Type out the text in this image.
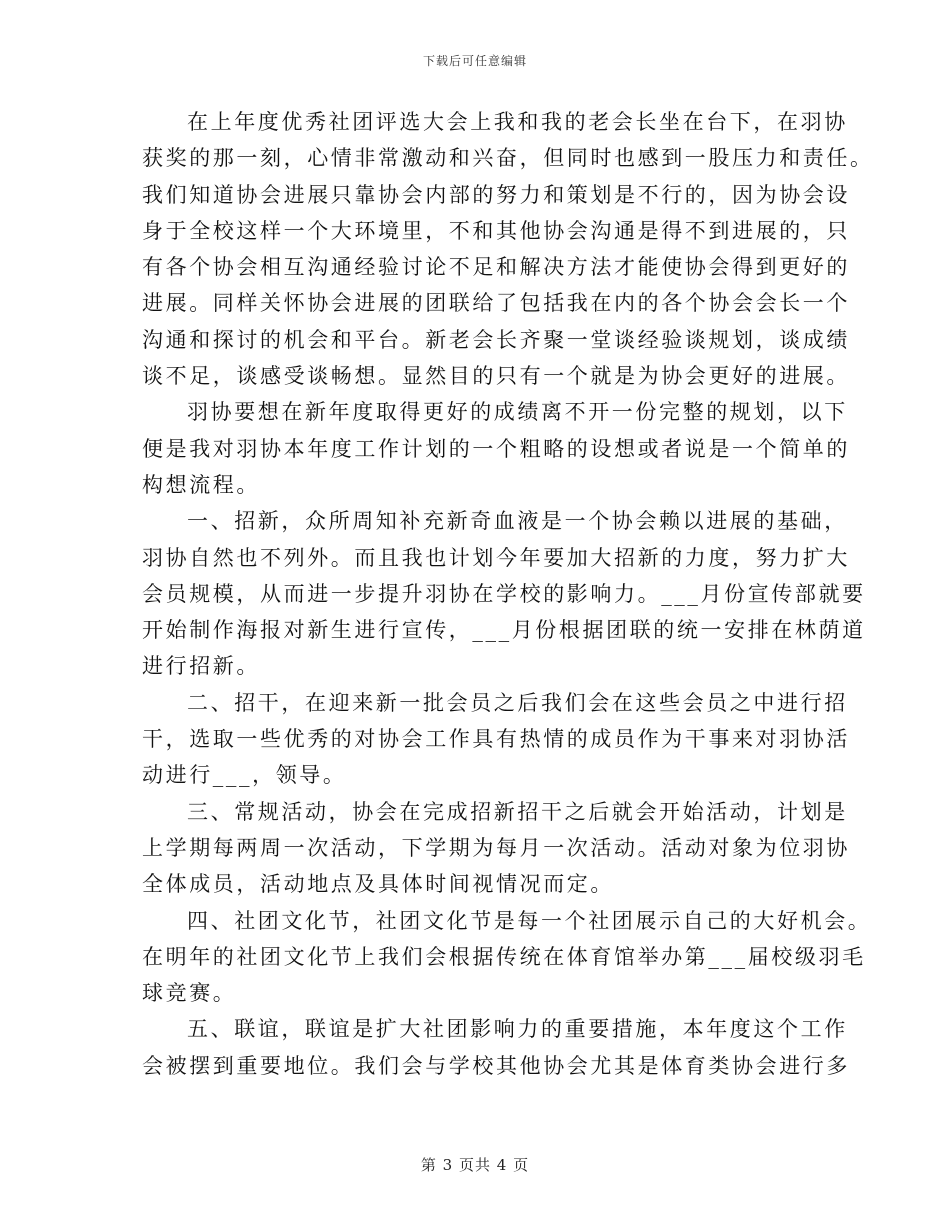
下载后可任意编辑
在上年度优秀社团评选大会上我和我的老会长坐在台下，在羽协
获奖的那一刻，心情非常激动和兴奋，但同时也感到一股压力和责任。
我们知道协会进展只靠协会内部的努力和策划是不行的，因为协会设
身于全校这样一个大环境里，不和其他协会沟通是得不到进展的，只
有各个协会相互沟通经验讨论不足和解决方法才能使协会得到更好的
进展。同样关怀协会进展的团联给了包括我在内的各个协会会长一个
沟通和探讨的机会和平台。新老会长齐聚一堂谈经验谈规划，谈成绩
谈不足，谈感受谈畅想。显然目的只有一个就是为协会更好的进展。
羽协要想在新年度取得更好的成绩离不开一份完整的规划，以下
便是我对羽协本年度工作计划的一个粗略的设想或者说是一个简单的
构想流程。
一、招新，众所周知补充新奇血液是一个协会赖以进展的基础，
羽协自然也不列外。而且我也计划今年要加大招新的力度，努力扩大
会员规模，从而进一步提升羽协在学校的影响力。___月份宣传部就要
开始制作海报对新生进行宣传，___月份根据团联的统一安排在林荫道
进行招新。
二、招干，在迎来新一批会员之后我们会在这些会员之中进行招
干，选取一些优秀的对协会工作具有热情的成员作为干事来对羽协活
动进行___，领导。
三、常规活动，协会在完成招新招干之后就会开始活动，计划是
上学期每两周一次活动，下学期为每月一次活动。活动对象为位羽协
全体成员，活动地点及具体时间视情况而定。
四、社团文化节，社团文化节是每一个社团展示自己的大好机会。
在明年的社团文化节上我们会根据传统在体育馆举办第___届校级羽毛
球竞赛。
五、联谊，联谊是扩大社团影响力的重要措施，本年度这个工作
会被摆到重要地位。我们会与学校其他协会尤其是体育类协会进行多
第 3 页共 4 页
